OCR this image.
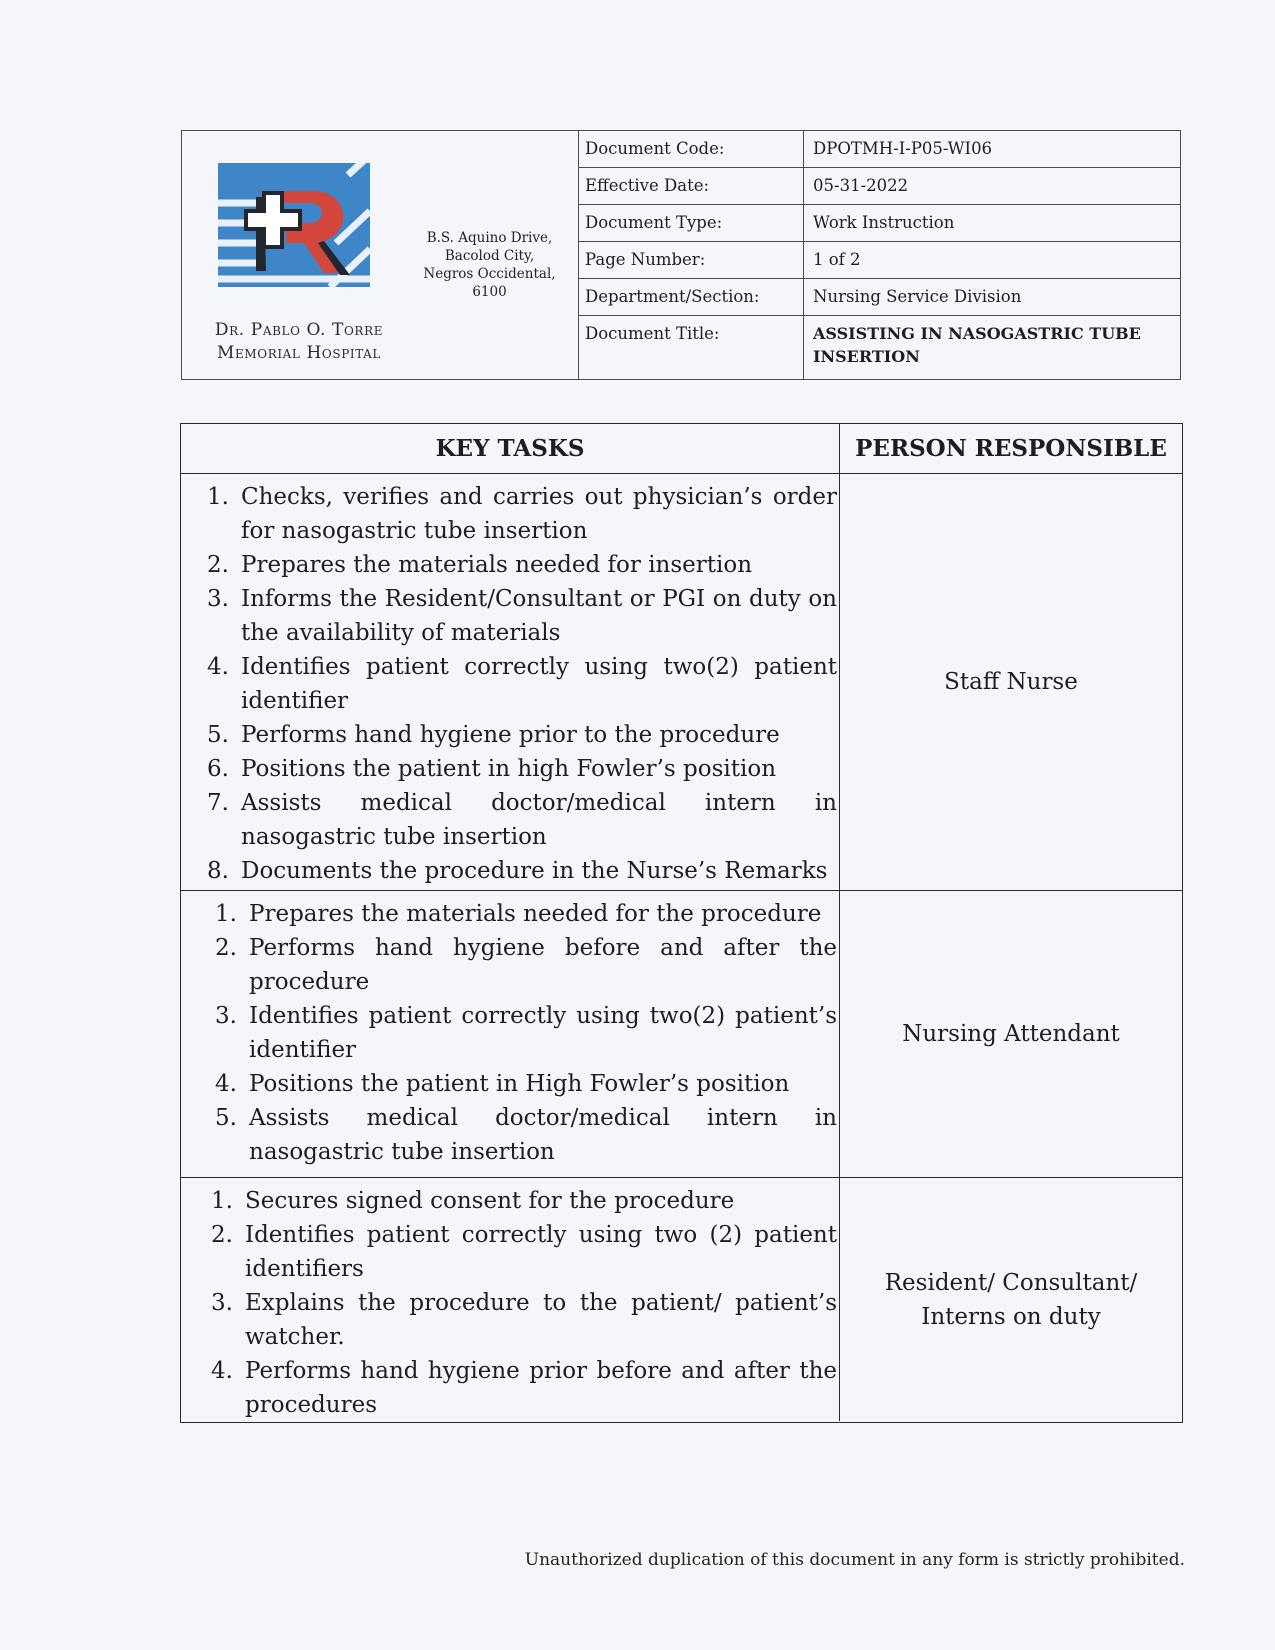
Dr. Pablo O. Torre Memorial Hospital
B.S. Aquino Drive,
Bacolod City,
Negros Occidental,
6100
Document Code:	DPOTMH-I-P05-WI06
Effective Date:	05-31-2022
Document Type:	Work Instruction
Page Number:	1 of 2
Department/Section:	Nursing Service Division
Document Title:	ASSISTING IN NASOGASTRIC TUBE INSERTION
KEY TASKS	PERSON RESPONSIBLE
1. Checks, verifies and carries out physician’s order for nasogastric tube insertion
2. Prepares the materials needed for insertion
3. Informs the Resident/Consultant or PGI on duty on the availability of materials
4. Identifies patient correctly using two(2) patient identifier
5. Performs hand hygiene prior to the procedure
6. Positions the patient in high Fowler’s position
7. Assists medical doctor/medical intern in nasogastric tube insertion
8. Documents the procedure in the Nurse’s Remarks
Staff Nurse
1. Prepares the materials needed for the procedure
2. Performs hand hygiene before and after the procedure
3. Identifies patient correctly using two(2) patient’s identifier
4. Positions the patient in High Fowler’s position
5. Assists medical doctor/medical intern in nasogastric tube insertion
Nursing Attendant
1. Secures signed consent for the procedure
2. Identifies patient correctly using two (2) patient identifiers
3. Explains the procedure to the patient/ patient’s watcher.
4. Performs hand hygiene prior before and after the procedures
Resident/ Consultant/ Interns on duty
Unauthorized duplication of this document in any form is strictly prohibited.
